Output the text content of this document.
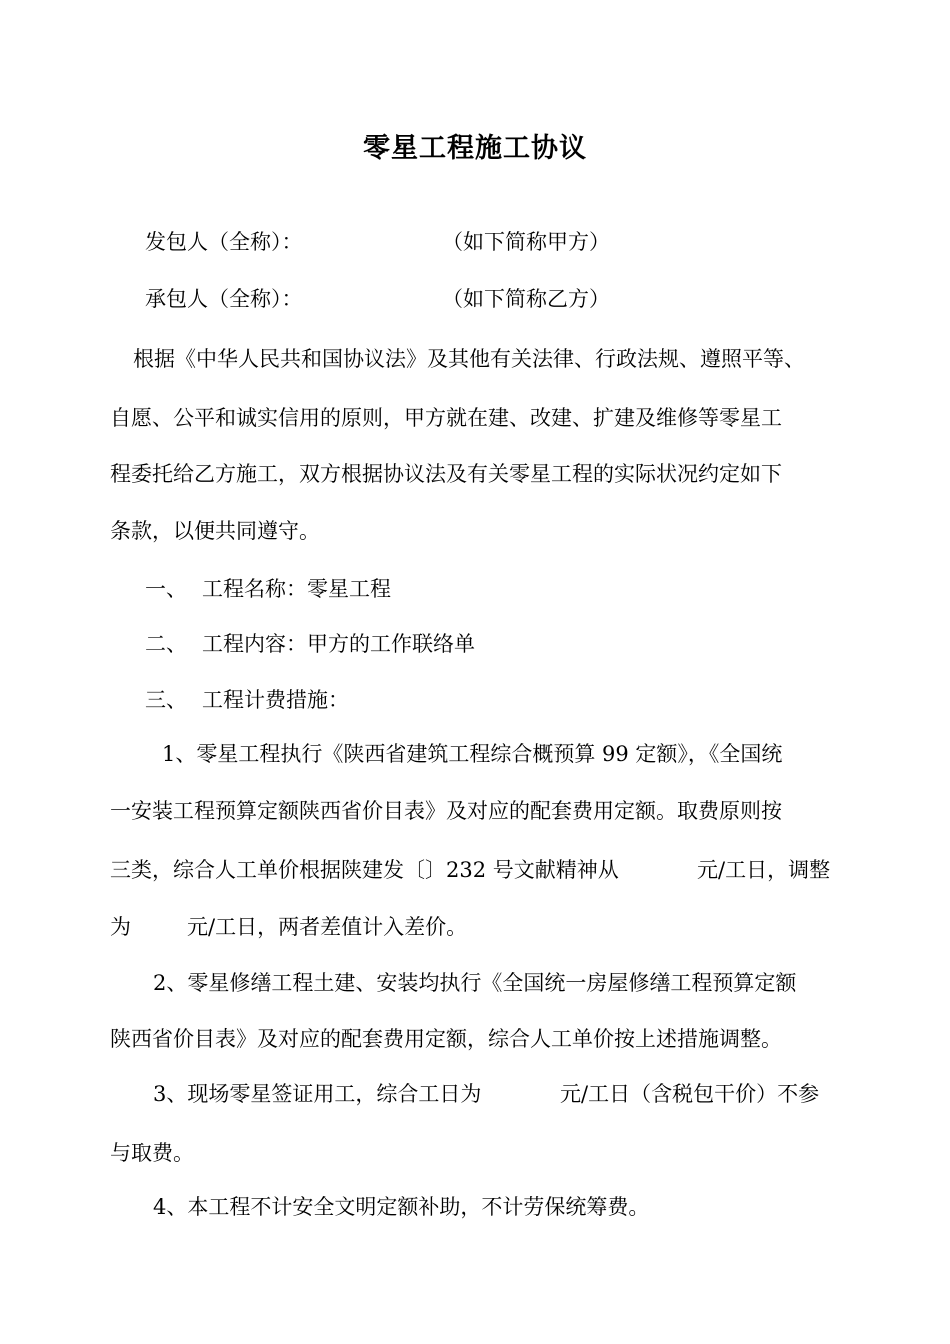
零星工程施工协议
发包人（全称）：	（如下简称甲方）
承包人（全称）：	（如下简称乙方）
根据《中华人民共和国协议法》及其他有关法律、行政法规、遵照平等、
自愿、公平和诚实信用的原则，甲方就在建、改建、扩建及维修等零星工
程委托给乙方施工，双方根据协议法及有关零星工程的实际状况约定如下
条款，以便共同遵守。
一、 工程名称：零星工程
二、 工程内容：甲方的工作联络单
三、 工程计费措施：
1、零星工程执行《陕西省建筑工程综合概预算 99 定额》，《全国统
一安装工程预算定额陕西省价目表》及对应的配套费用定额。取费原则按
三类，综合人工单价根据陕建发〔〕232 号文献精神从	元/工日，调整
为	元/工日，两者差值计入差价。
2、零星修缮工程土建、安装均执行《全国统一房屋修缮工程预算定额
陕西省价目表》及对应的配套费用定额，综合人工单价按上述措施调整。
3、现场零星签证用工，综合工日为	元/工日（含税包干价）不参
与取费。
4、本工程不计安全文明定额补助，不计劳保统筹费。
